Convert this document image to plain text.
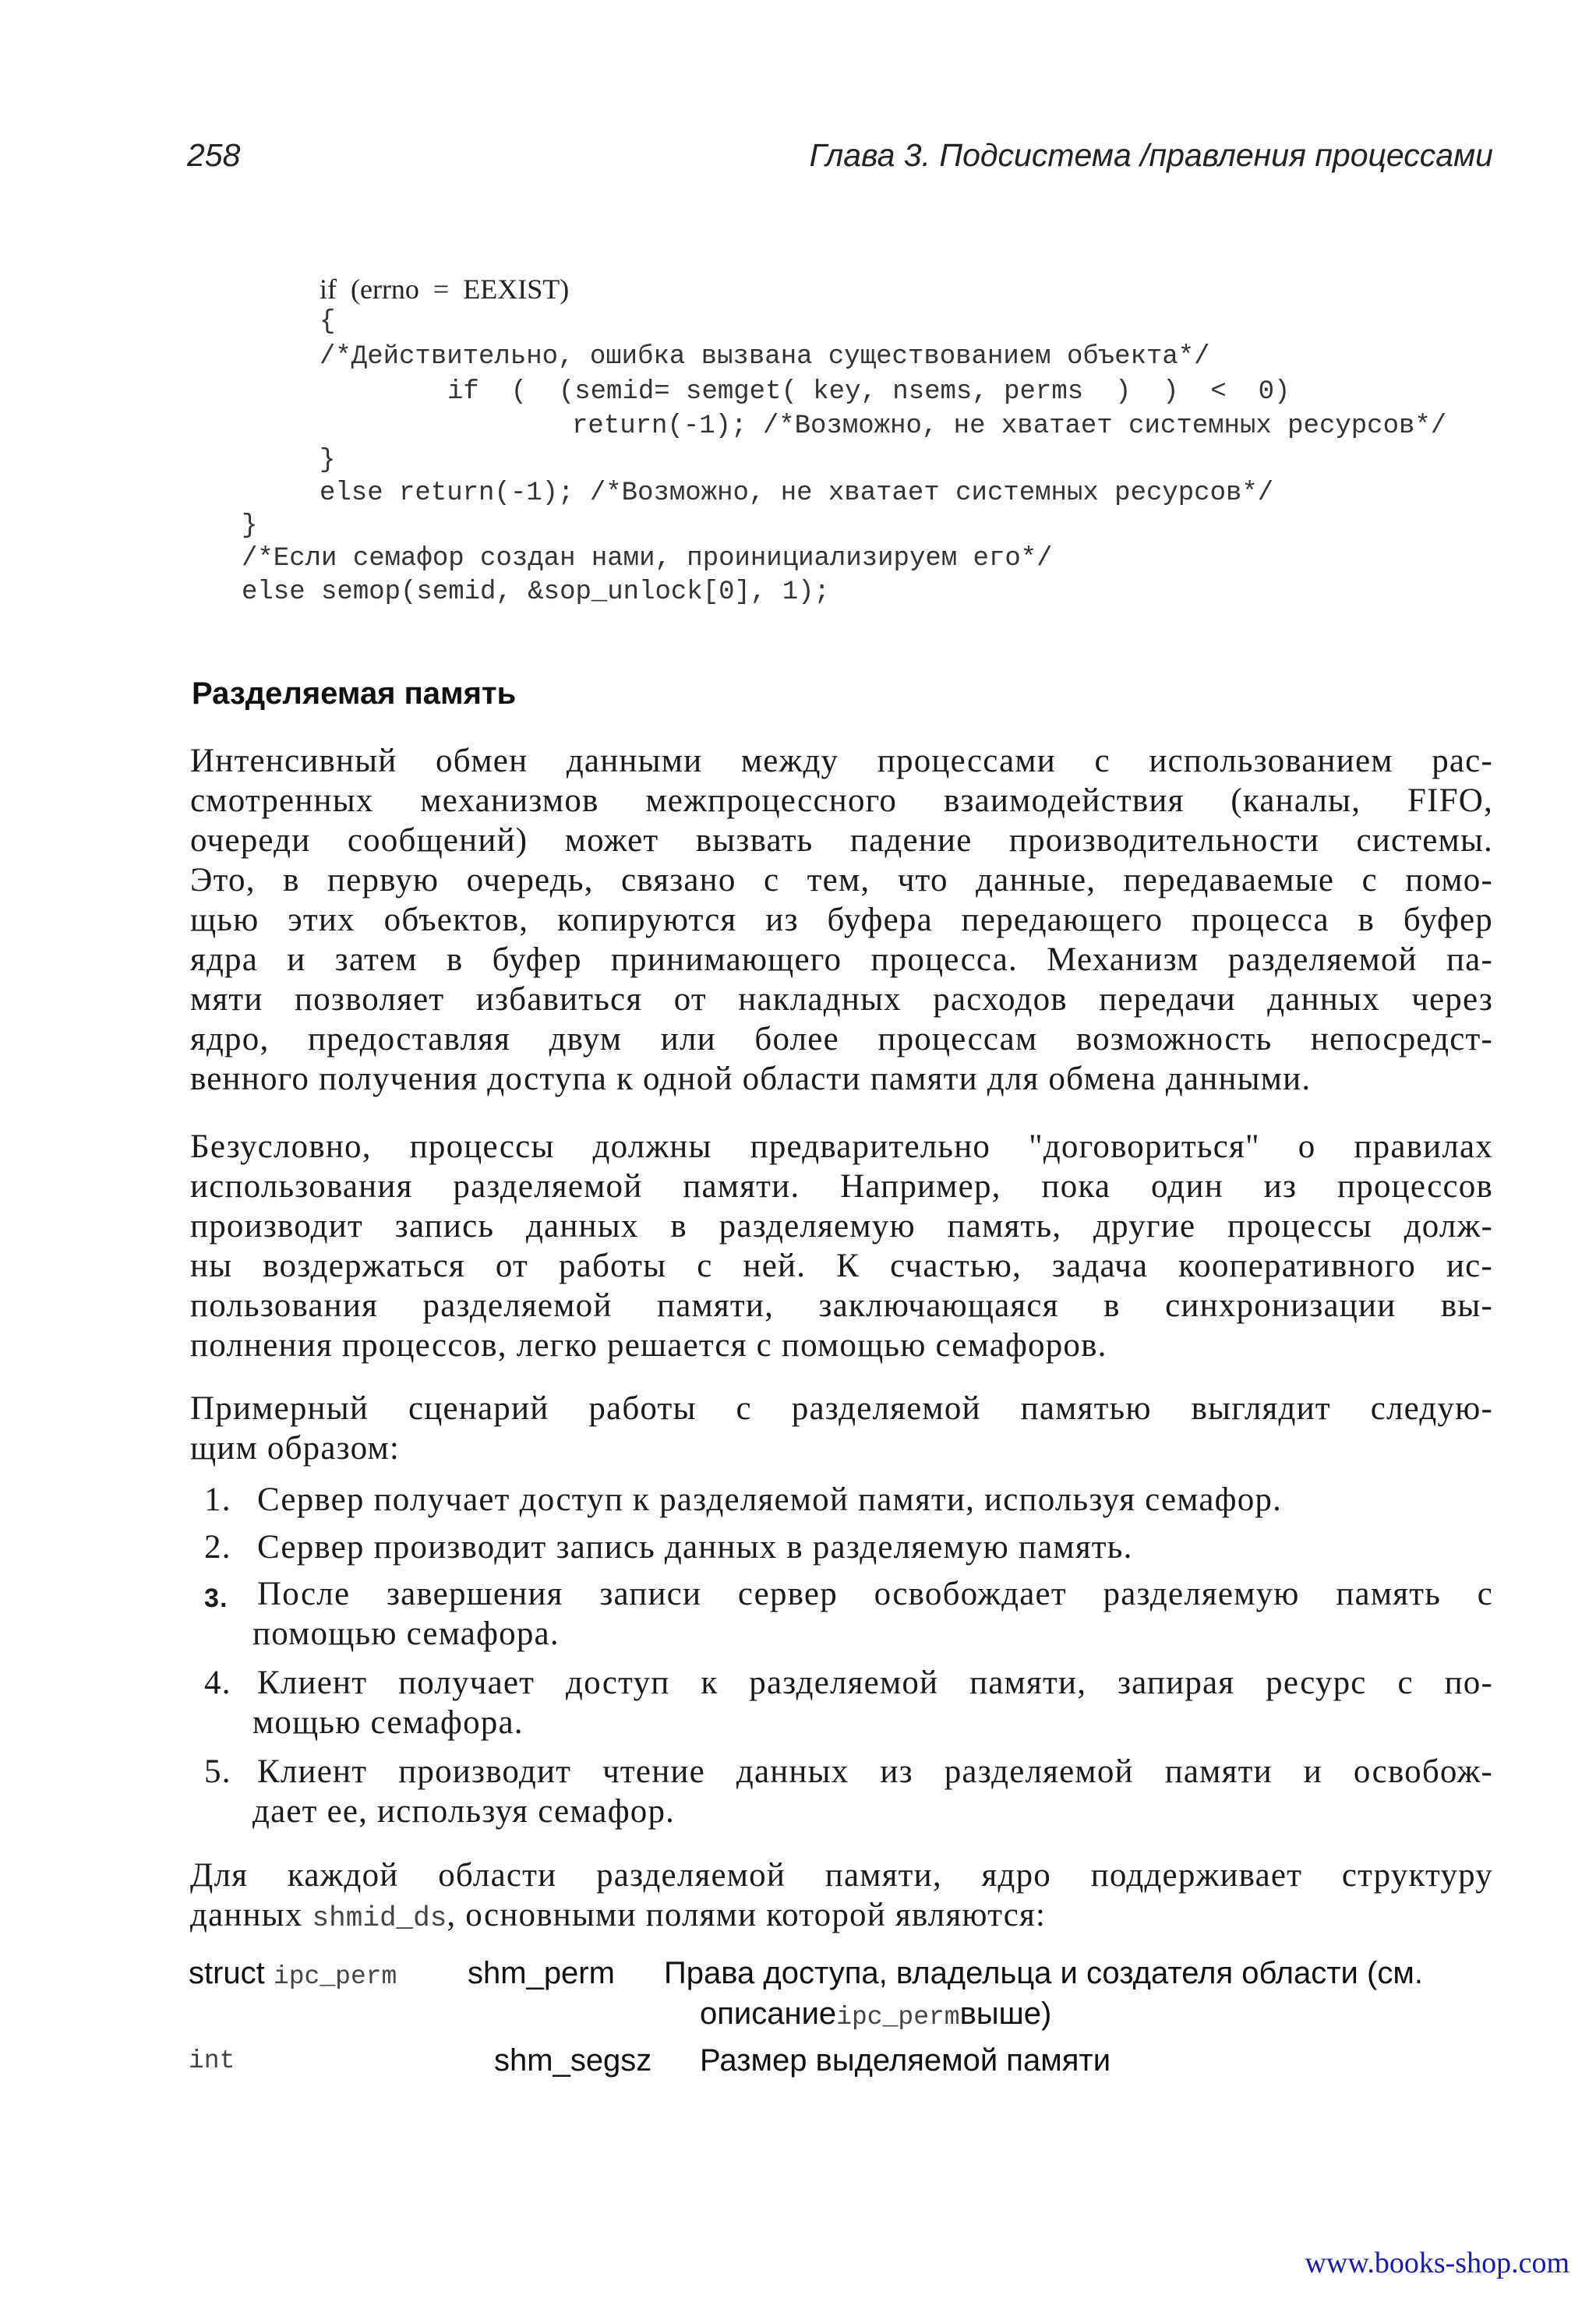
258	Глава 3. Подсистема /правления процессами
if  (errno  =  EEXIST)
{
/*Действительно, ошибка вызвана существованием объекта*/
if  (  (semid= semget( key, nsems, perms  )  )  <  0)
return(-1); /*Возможно, не хватает системных ресурсов*/
}
else return(-1); /*Возможно, не хватает системных ресурсов*/
}
/*Если семафор создан нами, проинициализируем его*/
else semop(semid, &sop_unlock[0], 1);
Разделяемая память
Интенсивный обмен данными между процессами с использованием рас-
смотренных механизмов межпроцессного взаимодействия (каналы, FIFO,
очереди сообщений) может вызвать падение производительности системы.
Это, в первую очередь, связано с тем, что данные, передаваемые с помо-
щью этих объектов, копируются из буфера передающего процесса в буфер
ядра и затем в буфер принимающего процесса. Механизм разделяемой па-
мяти позволяет избавиться от накладных расходов передачи данных через
ядро, предоставляя двум или более процессам возможность непосредст-
венного получения доступа к одной области памяти для обмена данными.
Безусловно, процессы должны предварительно "договориться" о правилах
использования разделяемой памяти. Например, пока один из процессов
производит запись данных в разделяемую память, другие процессы долж-
ны воздержаться от работы с ней. К счастью, задача кооперативного ис-
пользования разделяемой памяти, заключающаяся в синхронизации вы-
полнения процессов, легко решается с помощью семафоров.
Примерный сценарий работы с разделяемой памятью выглядит следую-
щим образом:
1. Сервер получает доступ к разделяемой памяти, используя семафор.
2. Сервер производит запись данных в разделяемую память.
3. После завершения записи сервер освобождает разделяемую память с
помощью семафора.
4. Клиент получает доступ к разделяемой памяти, запирая ресурс с по-
мощью семафора.
5. Клиент производит чтение данных из разделяемой памяти и освобож-
дает ее, используя семафор.
Для каждой области разделяемой памяти, ядро поддерживает структуру
данных shmid_ds, основными полями которой являются:
struct ipc_perm shm_perm Права доступа, владельца и создателя области (см.
описаниеipc_permвыше)
int	shm_segsz Размер выделяемой памяти
www.books-shop.com
